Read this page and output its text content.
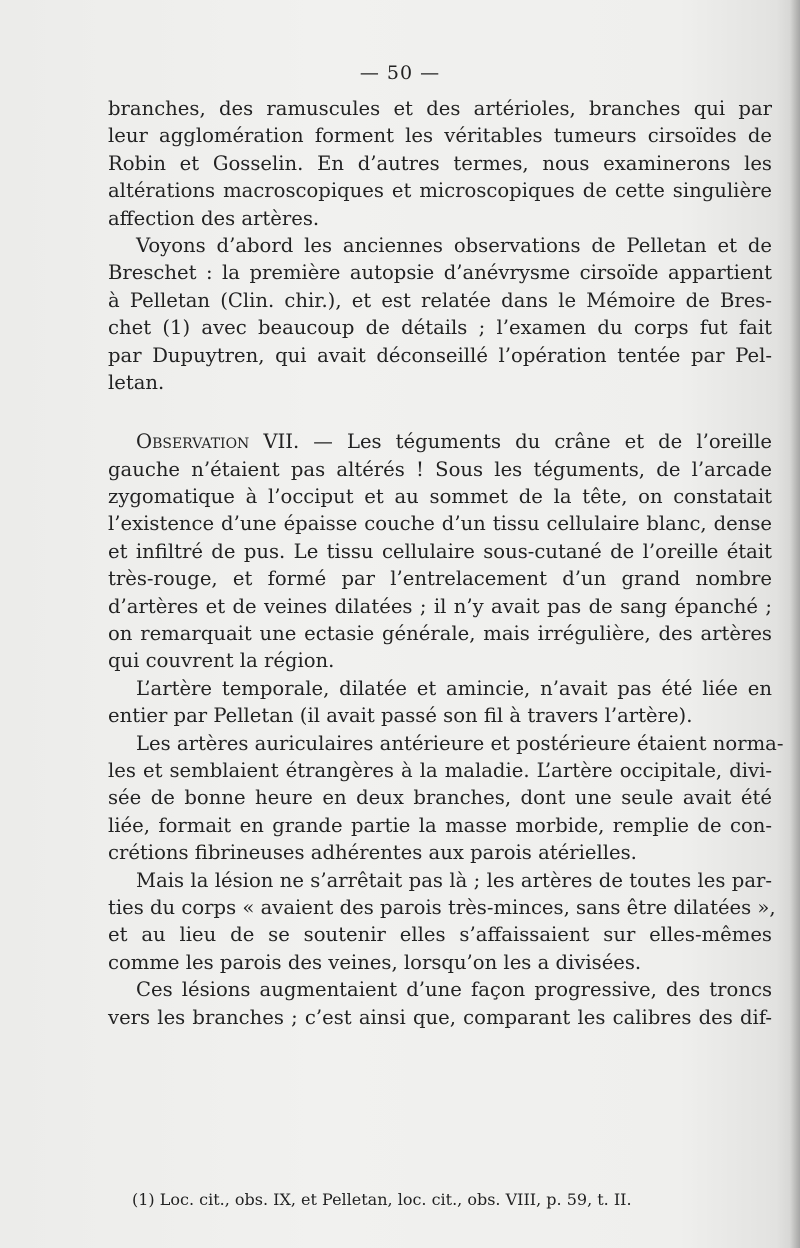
— 50 —
branches, des ramuscules et des artérioles, branches qui par
leur agglomération forment les véritables tumeurs cirsoïdes de
Robin et Gosselin. En d’autres termes, nous examinerons les
altérations macroscopiques et microscopiques de cette singulière
affection des artères.
Voyons d’abord les anciennes observations de Pelletan et de
Breschet : la première autopsie d’anévrysme cirsoïde appartient
à Pelletan (Clin. chir.), et est relatée dans le Mémoire de Bres-
chet (1) avec beaucoup de détails ; l’examen du corps fut fait
par Dupuytren, qui avait déconseillé l’opération tentée par Pel-
letan.
Observation VII. — Les téguments du crâne et de l’oreille
gauche n’étaient pas altérés ! Sous les téguments, de l’arcade
zygomatique à l’occiput et au sommet de la tête, on constatait
l’existence d’une épaisse couche d’un tissu cellulaire blanc, dense
et infiltré de pus. Le tissu cellulaire sous-cutané de l’oreille était
très-rouge, et formé par l’entrelacement d’un grand nombre
d’artères et de veines dilatées ; il n’y avait pas de sang épanché ;
on remarquait une ectasie générale, mais irrégulière, des artères
qui couvrent la région.
L’artère temporale, dilatée et amincie, n’avait pas été liée en
entier par Pelletan (il avait passé son fil à travers l’artère).
Les artères auriculaires antérieure et postérieure étaient norma-
les et semblaient étrangères à la maladie. L’artère occipitale, divi-
sée de bonne heure en deux branches, dont une seule avait été
liée, formait en grande partie la masse morbide, remplie de con-
crétions fibrineuses adhérentes aux parois atérielles.
Mais la lésion ne s’arrêtait pas là ; les artères de toutes les par-
ties du corps « avaient des parois très-minces, sans être dilatées »,
et au lieu de se soutenir elles s’affaissaient sur elles-mêmes
comme les parois des veines, lorsqu’on les a divisées.
Ces lésions augmentaient d’une façon progressive, des troncs
vers les branches ; c’est ainsi que, comparant les calibres des dif-
(1) Loc. cit., obs. IX, et Pelletan, loc. cit., obs. VIII, p. 59, t. II.
